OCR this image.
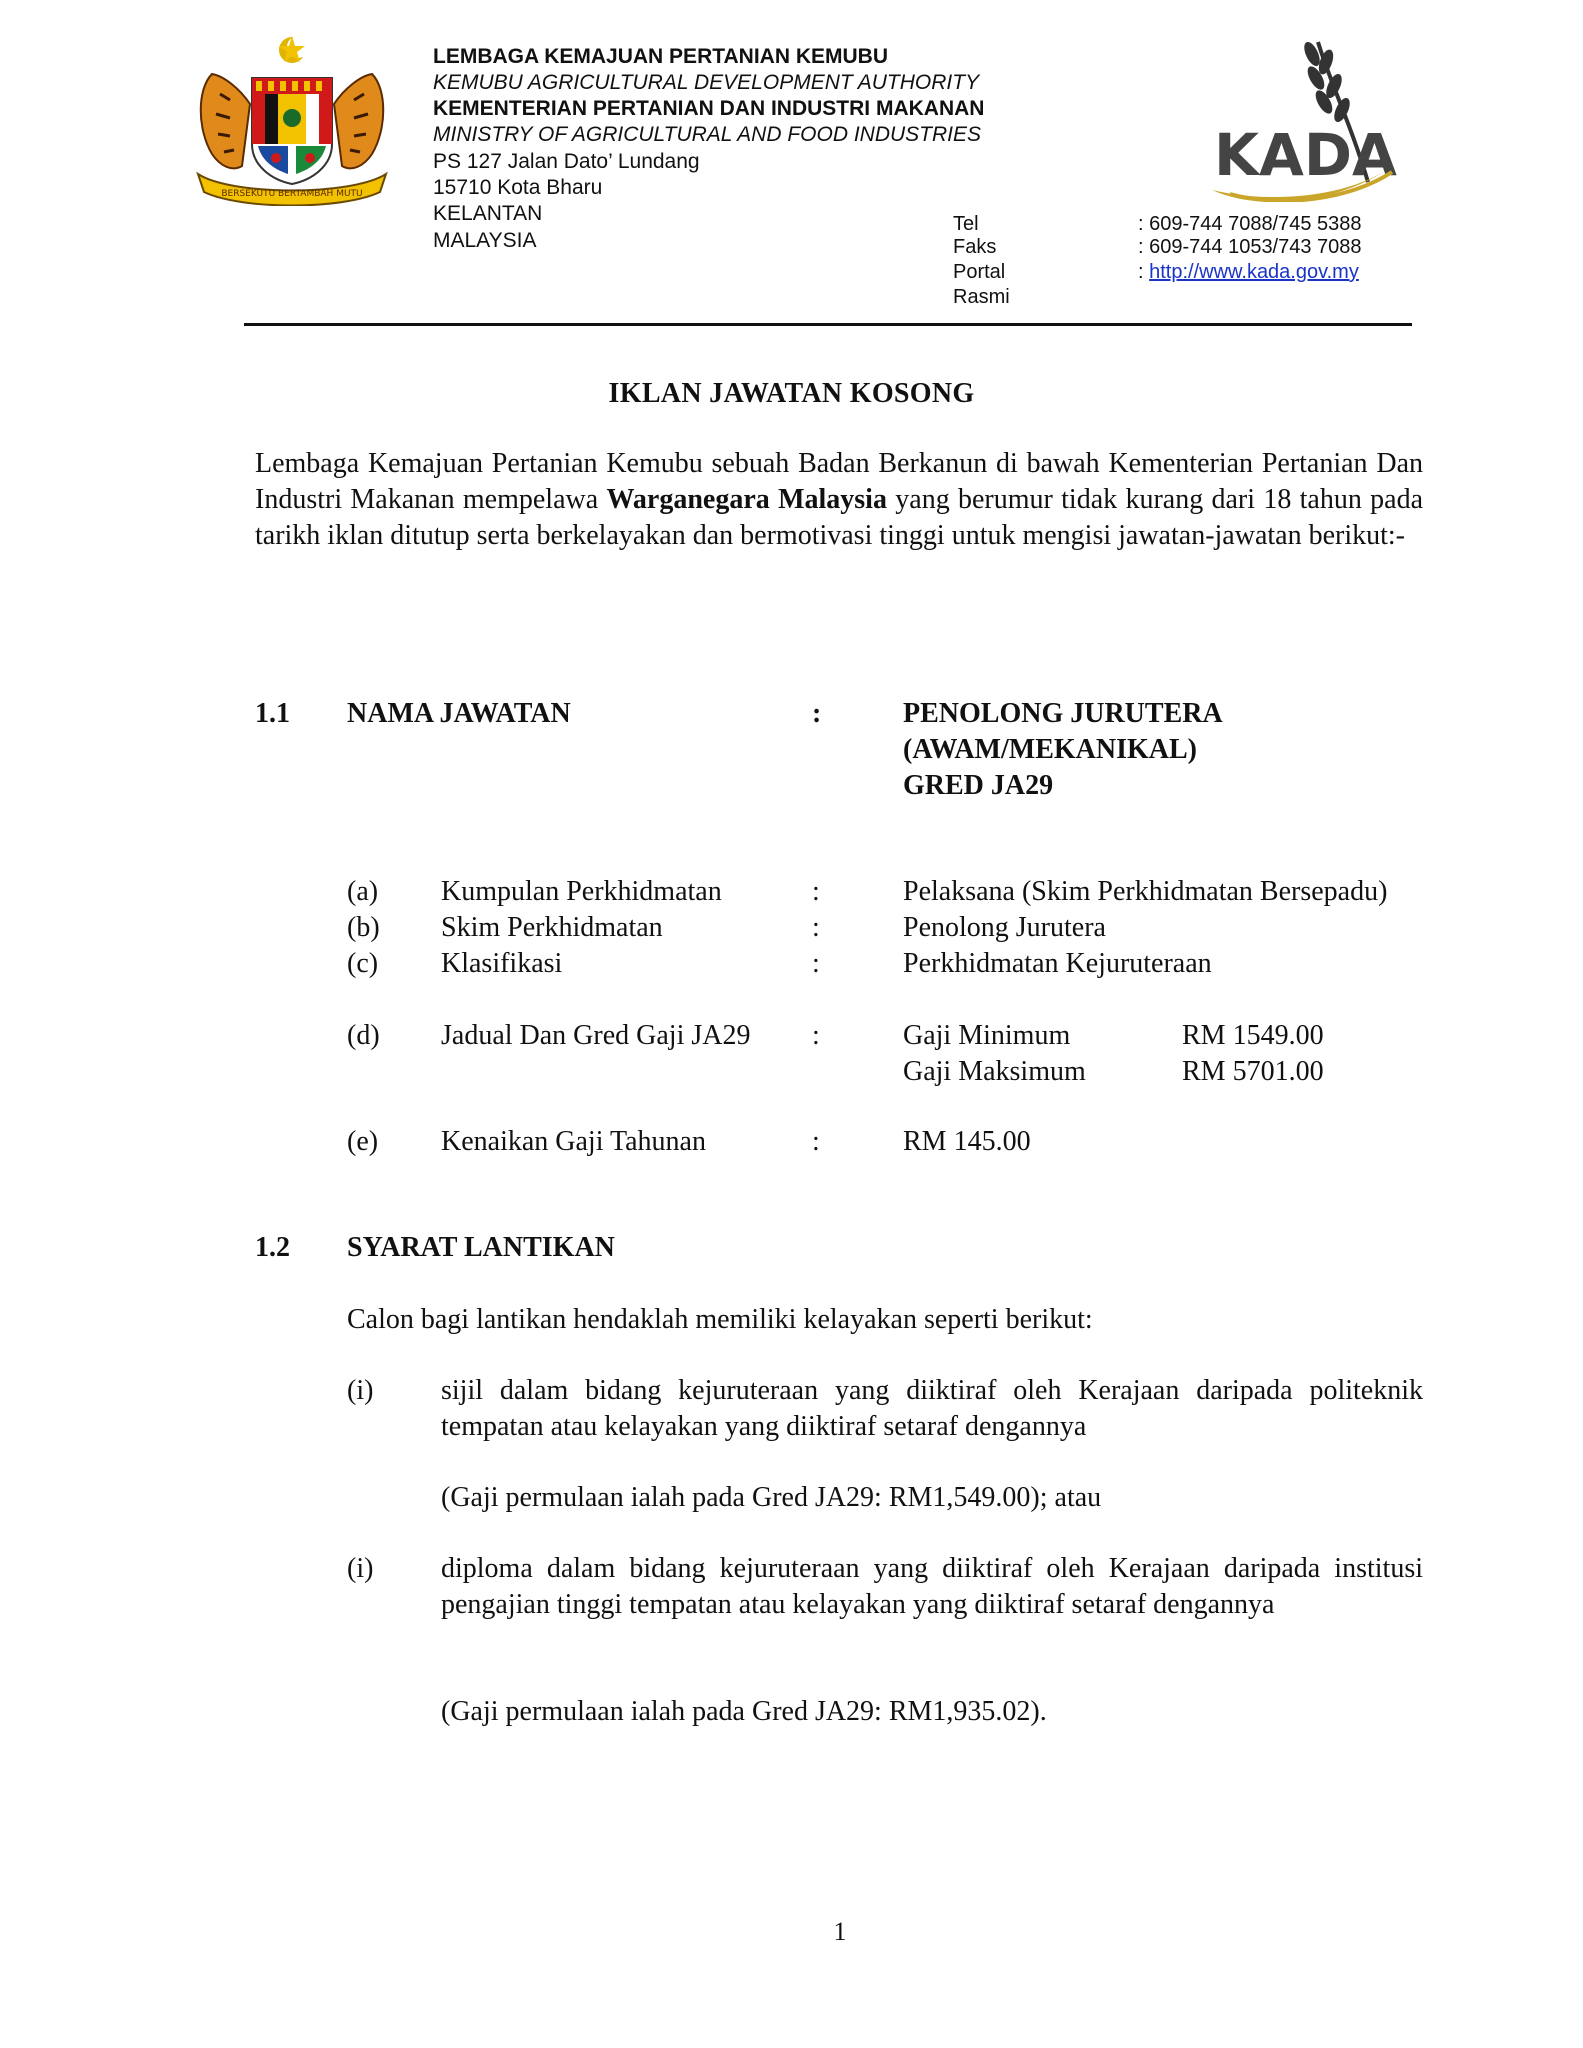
BERSEKUTU BERTAMBAH MUTU
LEMBAGA KEMAJUAN PERTANIAN KEMUBU
KEMUBU AGRICULTURAL DEVELOPMENT AUTHORITY
KEMENTERIAN PERTANIAN DAN INDUSTRI MAKANAN
MINISTRY OF AGRICULTURAL AND FOOD INDUSTRIES
PS 127 Jalan Dato’ Lundang
15710 Kota Bharu
KELANTAN
MALAYSIA
KADA
Tel	: 609-744 7088/745 5388
Faks	: 609-744 1053/743 7088
Portal Rasmi
: http://www.kada.gov.my
IKLAN JAWATAN KOSONG
Lembaga Kemajuan Pertanian Kemubu sebuah Badan Berkanun di bawah Kementerian Pertanian Dan Industri Makanan mempelawa Warganegara Malaysia yang berumur tidak kurang dari 18 tahun pada tarikh iklan ditutup serta berkelayakan dan bermotivasi tinggi untuk mengisi jawatan-jawatan berikut:-
1.1 NAMA JAWATAN	:	PENOLONG JURUTERA
(AWAM/MEKANIKAL)
GRED JA29
(a) Kumpulan Perkhidmatan	:	Pelaksana (Skim Perkhidmatan Bersepadu)
(b) Skim Perkhidmatan	:	Penolong Jurutera
(c) Klasifikasi	:	Perkhidmatan Kejuruteraan
(d) Jadual Dan Gred Gaji JA29 :	Gaji Minimum	RM 1549.00
Gaji Maksimum	RM 5701.00
(e) Kenaikan Gaji Tahunan	:	RM 145.00
1.2 SYARAT LANTIKAN
Calon bagi lantikan hendaklah memiliki kelayakan seperti berikut:
(i) sijil dalam bidang kejuruteraan yang diiktiraf oleh Kerajaan daripada politeknik tempatan atau kelayakan yang diiktiraf setaraf dengannya
(Gaji permulaan ialah pada Gred JA29: RM1,549.00); atau
(i) diploma dalam bidang kejuruteraan yang diiktiraf oleh Kerajaan daripada institusi pengajian tinggi tempatan atau kelayakan yang diiktiraf setaraf dengannya
(Gaji permulaan ialah pada Gred JA29: RM1,935.02).
1
